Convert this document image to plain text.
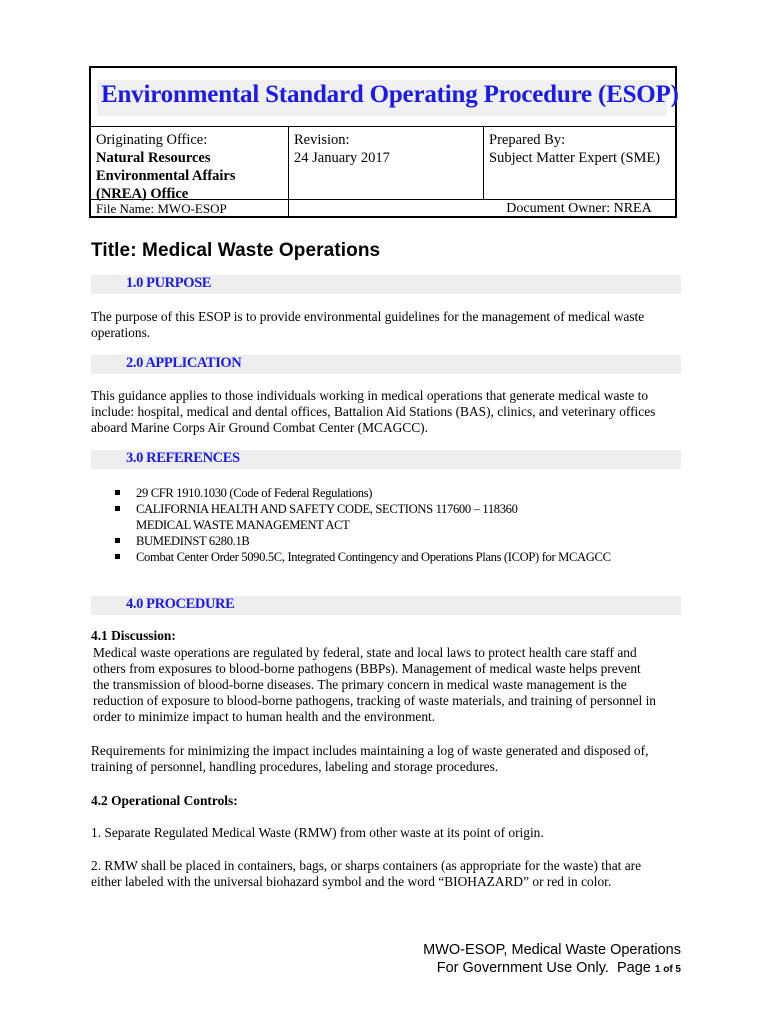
Environmental Standard Operating Procedure (ESOP)
Originating Office:
Natural Resources
Environmental Affairs
(NREA) Office
Revision:
24 January 2017
Prepared By:
Subject Matter Expert (SME)
File Name: MWO-ESOP	Document Owner: NREA
Title: Medical Waste Operations
1.0 PURPOSE

The purpose of this ESOP is to provide environmental guidelines for the management of medical waste

operations.

2.0 APPLICATION

This guidance applies to those individuals working in medical operations that generate medical waste to

include: hospital, medical and dental offices, Battalion Aid Stations (BAS), clinics, and veterinary offices

aboard Marine Corps Air Ground Combat Center (MCAGCC).

3.0 REFERENCES
29 CFR 1910.1030 (Code of Federal Regulations)
CALIFORNIA HEALTH AND SAFETY CODE, SECTIONS 117600 – 118360
MEDICAL WASTE MANAGEMENT ACT
BUMEDINST 6280.1B
Combat Center Order 5090.5C, Integrated Contingency and Operations Plans (ICOP) for MCAGCC
4.0 PROCEDURE
4.1 Discussion:

Medical waste operations are regulated by federal, state and local laws to protect health care staff and

others from exposures to blood-borne pathogens (BBPs). Management of medical waste helps prevent

the transmission of blood-borne diseases. The primary concern in medical waste management is the

reduction of exposure to blood-borne pathogens, tracking of waste materials, and training of personnel in

order to minimize impact to human health and the environment.

Requirements for minimizing the impact includes maintaining a log of waste generated and disposed of,

training of personnel, handling procedures, labeling and storage procedures.

4.2 Operational Controls:

1. Separate Regulated Medical Waste (RMW) from other waste at its point of origin.

2. RMW shall be placed in containers, bags, or sharps containers (as appropriate for the waste) that are

either labeled with the universal biohazard symbol and the word “BIOHAZARD” or red in color.

MWO-ESOP, Medical Waste Operations
For Government Use Only.  Page 1 of 5
